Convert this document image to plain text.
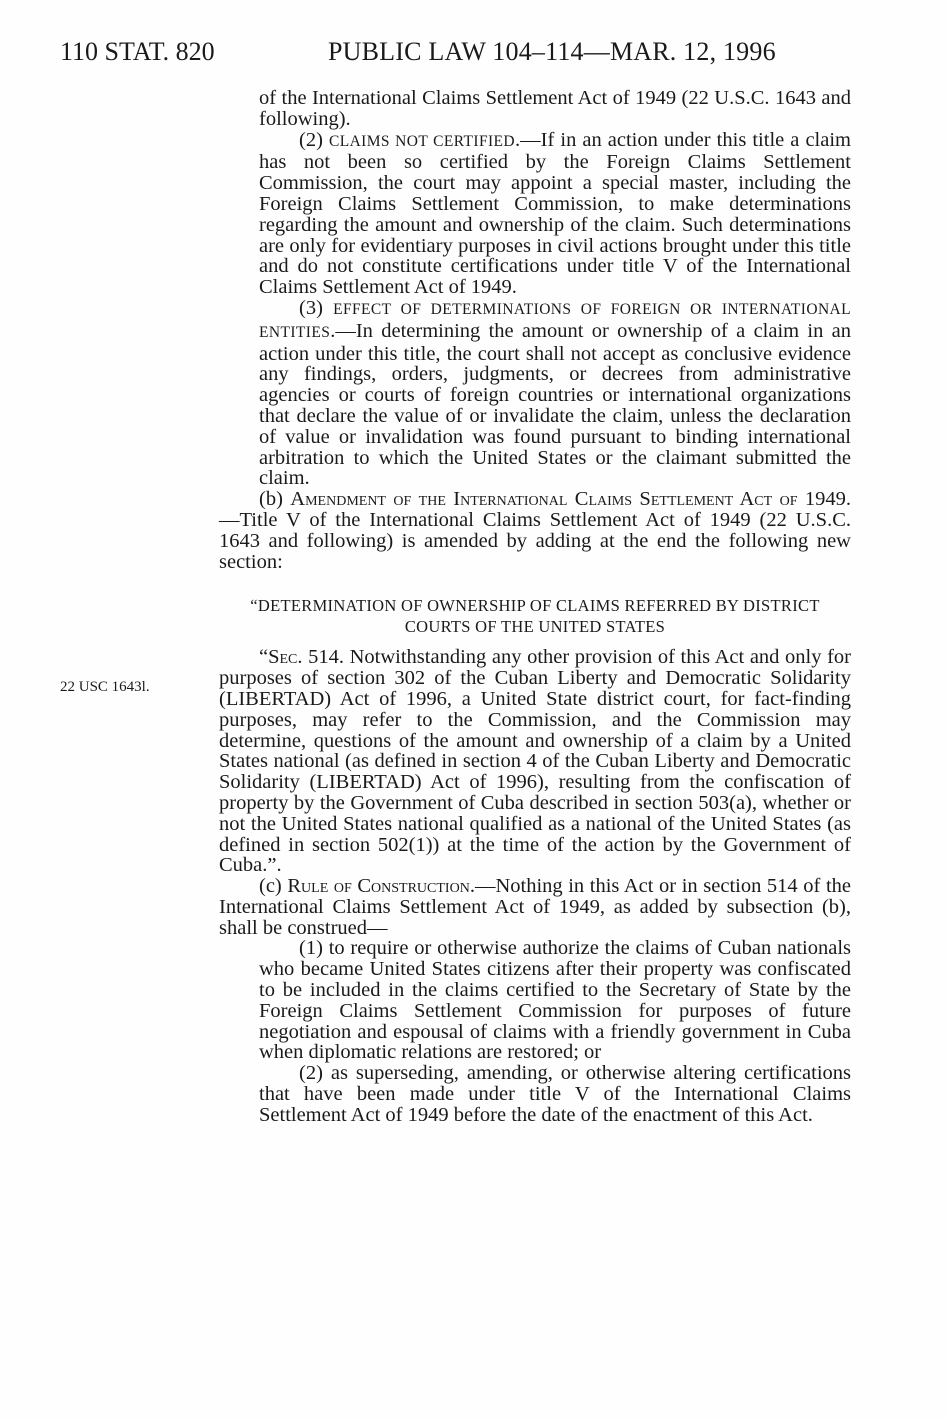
110 STAT. 820	PUBLIC LAW 104–114—MAR. 12, 1996
22 USC 1643l.

of the International Claims Settlement Act of 1949 (22 U.S.C. 1643 and following).

(2) CLAIMS NOT CERTIFIED.—If in an action under this title a claim has not been so certified by the Foreign Claims Settlement Commission, the court may appoint a special master, including the Foreign Claims Settlement Commission, to make determinations regarding the amount and ownership of the claim. Such determinations are only for evidentiary purposes in civil actions brought under this title and do not constitute certifications under title V of the International Claims Settlement Act of 1949.

(3) EFFECT OF DETERMINATIONS OF FOREIGN OR INTERNATIONAL ENTITIES.—In determining the amount or ownership of a claim in an action under this title, the court shall not accept as conclusive evidence any findings, orders, judgments, or decrees from administrative agencies or courts of foreign countries or international organizations that declare the value of or invalidate the claim, unless the declaration of value or invalidation was found pursuant to binding international arbitration to which the United States or the claimant submitted the claim.

(b) Amendment of the International Claims Settlement Act of 1949.—Title V of the International Claims Settlement Act of 1949 (22 U.S.C. 1643 and following) is amended by adding at the end the following new section:

“DETERMINATION OF OWNERSHIP OF CLAIMS REFERRED BY DISTRICT COURTS OF THE UNITED STATES

“Sec. 514. Notwithstanding any other provision of this Act and only for purposes of section 302 of the Cuban Liberty and Democratic Solidarity (LIBERTAD) Act of 1996, a United State district court, for fact-finding purposes, may refer to the Commission, and the Commission may determine, questions of the amount and ownership of a claim by a United States national (as defined in section 4 of the Cuban Liberty and Democratic Solidarity (LIBERTAD) Act of 1996), resulting from the confiscation of property by the Government of Cuba described in section 503(a), whether or not the United States national qualified as a national of the United States (as defined in section 502(1)) at the time of the action by the Government of Cuba.”.

(c) Rule of Construction.—Nothing in this Act or in section 514 of the International Claims Settlement Act of 1949, as added by subsection (b), shall be construed—

(1) to require or otherwise authorize the claims of Cuban nationals who became United States citizens after their property was confiscated to be included in the claims certified to the Secretary of State by the Foreign Claims Settlement Commission for purposes of future negotiation and espousal of claims with a friendly government in Cuba when diplomatic relations are restored; or

(2) as superseding, amending, or otherwise altering certifications that have been made under title V of the International Claims Settlement Act of 1949 before the date of the enactment of this Act.
